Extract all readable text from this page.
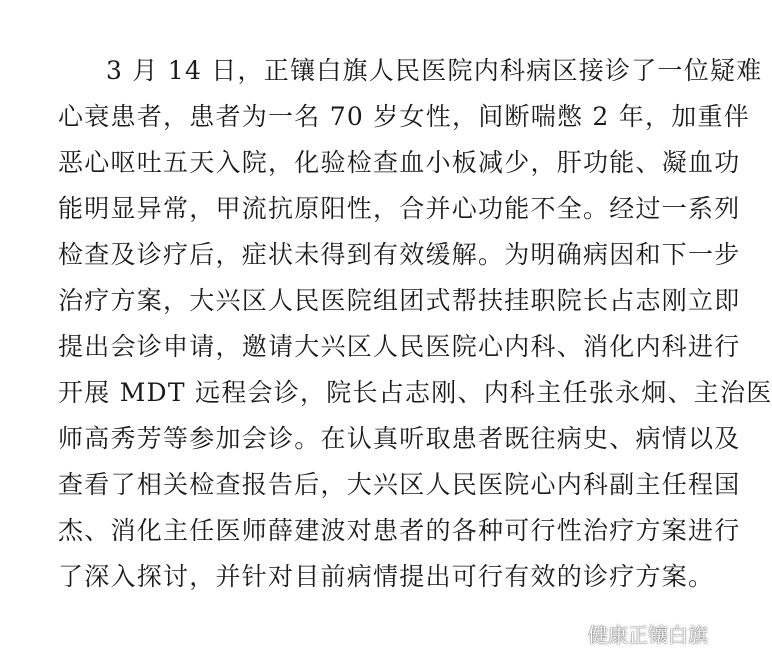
3 月 14 日，正镶白旗人民医院内科病区接诊了一位疑难
心衰患者，患者为一名 70 岁女性，间断喘憋 2 年，加重伴
恶心呕吐五天入院，化验检查血小板减少，肝功能、凝血功
能明显异常，甲流抗原阳性，合并心功能不全。经过一系列
检查及诊疗后，症状未得到有效缓解。为明确病因和下一步
治疗方案，大兴区人民医院组团式帮扶挂职院长占志刚立即
提出会诊申请，邀请大兴区人民医院心内科、消化内科进行
开展 MDT 远程会诊，院长占志刚、内科主任张永炯、主治医
师高秀芳等参加会诊。在认真听取患者既往病史、病情以及
查看了相关检查报告后，大兴区人民医院心内科副主任程国
杰、消化主任医师薛建波对患者的各种可行性治疗方案进行
了深入探讨，并针对目前病情提出可行有效的诊疗方案。
健康正镶白旗
